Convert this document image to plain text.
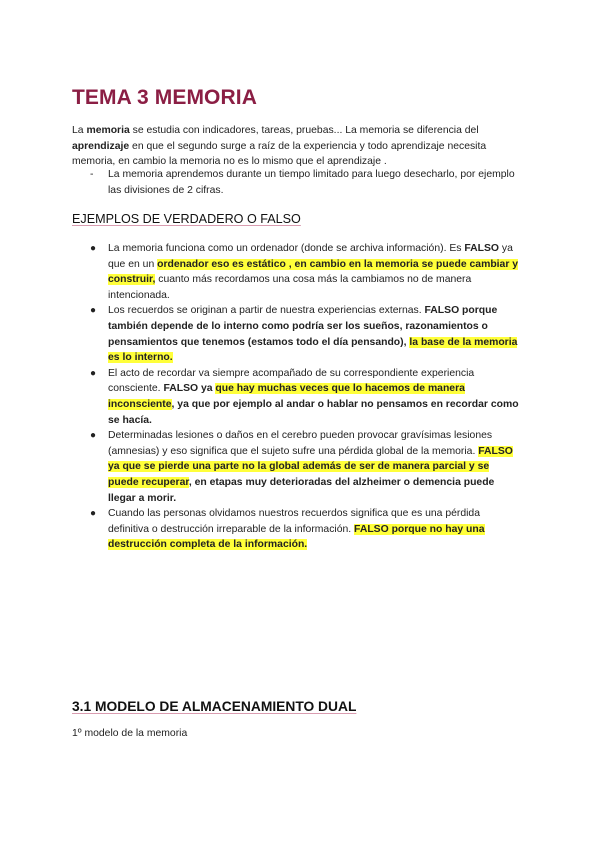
TEMA 3 MEMORIA

La memoria se estudia con indicadores, tareas, pruebas... La memoria se diferencia del aprendizaje en que el segundo surge a raíz de la experiencia y todo aprendizaje necesita memoria, en cambio la memoria no es lo mismo que el aprendizaje .

-	La memoria aprendemos durante un tiempo limitado para luego desecharlo, por ejemplo las divisiones de 2 cifras.
EJEMPLOS DE VERDADERO O FALSO
● La memoria funciona como un ordenador (donde se archiva información). Es FALSO ya que en un ordenador eso es estático , en cambio en la memoria se puede cambiar y construir, cuanto más recordamos una cosa más la cambiamos no de manera intencionada.
● Los recuerdos se originan a partir de nuestra experiencias externas. FALSO porque también depende de lo interno como podría ser los sueños, razonamientos o pensamientos que tenemos (estamos todo el día pensando), la base de la memoria es lo interno.
● El acto de recordar va siempre acompañado de su correspondiente experiencia consciente. FALSO ya que hay muchas veces que lo hacemos de manera inconsciente, ya que por ejemplo al andar o hablar no pensamos en recordar como se hacía.
● Determinadas lesiones o daños en el cerebro pueden provocar gravísimas lesiones (amnesias) y eso significa que el sujeto sufre una pérdida global de la memoria. FALSO ya que se pierde una parte no la global además de ser de manera parcial y se puede recuperar, en etapas muy deterioradas del alzheimer o demencia puede llegar a morir.
● Cuando las personas olvidamos nuestros recuerdos significa que es una pérdida definitiva o destrucción irreparable de la información. FALSO porque no hay una destrucción completa de la información.
3.1 MODELO DE ALMACENAMIENTO DUAL

1º modelo de la memoria
